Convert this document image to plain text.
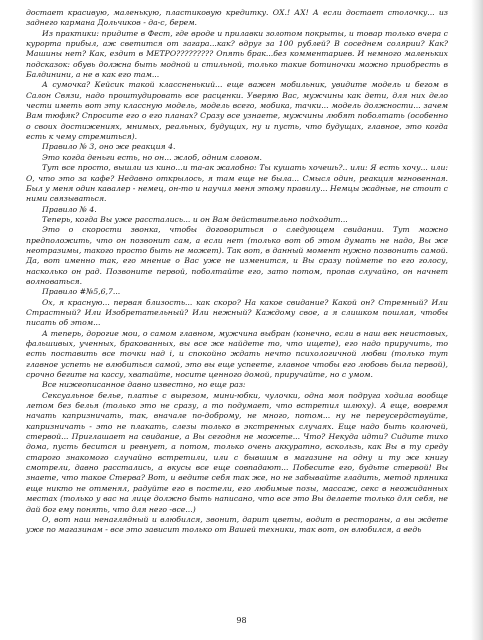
достает красивую, маленькую, пластиковую кредитку. ОХ.! АХ! А если достает столочку... из заднего кармана Дольчиков - да-с, берем.

Из практики: придите в Фест, где вроде и прилавки золотом покрыты, и товар только вчера с курорта прибыл, аж светится от загара...как? вдруг за 100 рублей? В соседнем солярии? Как? Машины нет? Как, ездит в МЕТРО????????? Опять брак...без комментариев. И немного маленьких подсказок: обувь должна быть модной и стильной, только такие ботиночки можно приобресть в Балдинини, а не в как его там...

А сумочка? Кейсик такой классненький... еще важен мобильник, увидите модель и бегом в Салон Связи, надо проштудировать все расценки. Уверяю Вас, мужчины как дети, для них дело чести иметь вот эту классную модель, модель всего, мобика, тачки... модель должности... зачем Вам тюфяк? Спросите его о его планах? Сразу все узнаете, мужчины любят поболтать (особенно о своих достижениях, мнимых, реальных, будущих, ну и пусть, что будущих, главное, это когда есть к чему стремиться).

Правило № 3, оно же реакция 4.

Это когда деньги есть, но он... жлоб, одним словом.

Тут все просто, вышли из кино...и та-ак жалобно: Ты кушать хочешь?.. или: Я есть хочу... или: О, что это за кафе? Недавно открылось, я там еще не была... Смысл один, реакция мгновенная. Был у меня один кавалер - немец, он-то и научил меня этому правилу... Немцы жадные, не стоит с ними связываться.

Правило № 4.

Теперь, когда Вы уже расстались... и он Вам действительно подходит...

Это о скорости звонка, чтобы договориться о следующем свидании. Тут можно предположить, что он позвонит сам, а если нет (только вот об этом думать не надо, Вы же неотразимы, такого просто быть не может). Так вот, в данный момент нужно позвонить самой. Да, вот именно так, его мнение о Вас уже не изменится, и Вы сразу поймете по его голосу, насколько он рад. Позвоните первой, поболтайте его, зато потом, пропав случайно, он начнет волноваться.

Правило #№5,6,7...

Ох, я красную... первая близость... как скоро? На какое свидание? Какой он? Стремный? Или Страстный? Или Изобретательный? Или нежный? Каждому свое, а я слишком пошлая, чтобы писать об этом...

А теперь, дорогие мои, о самом главном, мужчина выбран (конечно, если в наш век неистовых, фальшивых, ученных, бракованных, вы все же найдете то, что ищете), его надо приручить, то есть поставить все точки над i, и спокойно ждать нечто психологичной любви (только тут главное успеть не влюбиться самой, это вы еще успеете, главное чтобы его любовь была первой), срочно бегите на кассу, хватайте, носите ценного домой, приручайте, но с умом.

Все нижеописанное давно известно, но еще раз:

Сексуальное белье, платье с вырезом, мини-юбки, чулочки, одна моя подруга ходила вообще летом без белья (только это не сразу, а то подумает, что встретил шлюху). А еще, вовремя начать капризничать, так, вначале по-доброму, не много, потом... ну не переусердствуйте, капризничать - это не плакать, слезы только в экстренных случаях. Еще надо быть колючей, стервой... Приглашает на свидание, а Вы сегодня не можете... Что? Некуда идти? Сидите тихо дома, пусть бесится и ревнует, а потом, только очень аккуратно, вскользь, как Вы в ту среду старого знакомого случайно встретили, или с бывшим в магазине на одну и ту же книгу смотрели, давно расстались, а вкусы все еще совпадают... Побесите его, будьте стервой! Вы знаете, что такое Стерва? Вот, и ведите себя так же, но не забывайте гладить, метод пряника еще никто не отменял, радуйте его в постели, его любимые позы, массаж, секс в неожиданных местах (только у вас на лице должно быть написано, что все это Вы делаете только для себя, не дай бог ему понять, что для него -все...)

О, вот наш ненаглядный и влюбился, звонит, дарит цветы, водит в рестораны, а вы ждете уже по магазинам - все это зависит только от Вашей техники, так вот, он влюбился, а ведь

98
